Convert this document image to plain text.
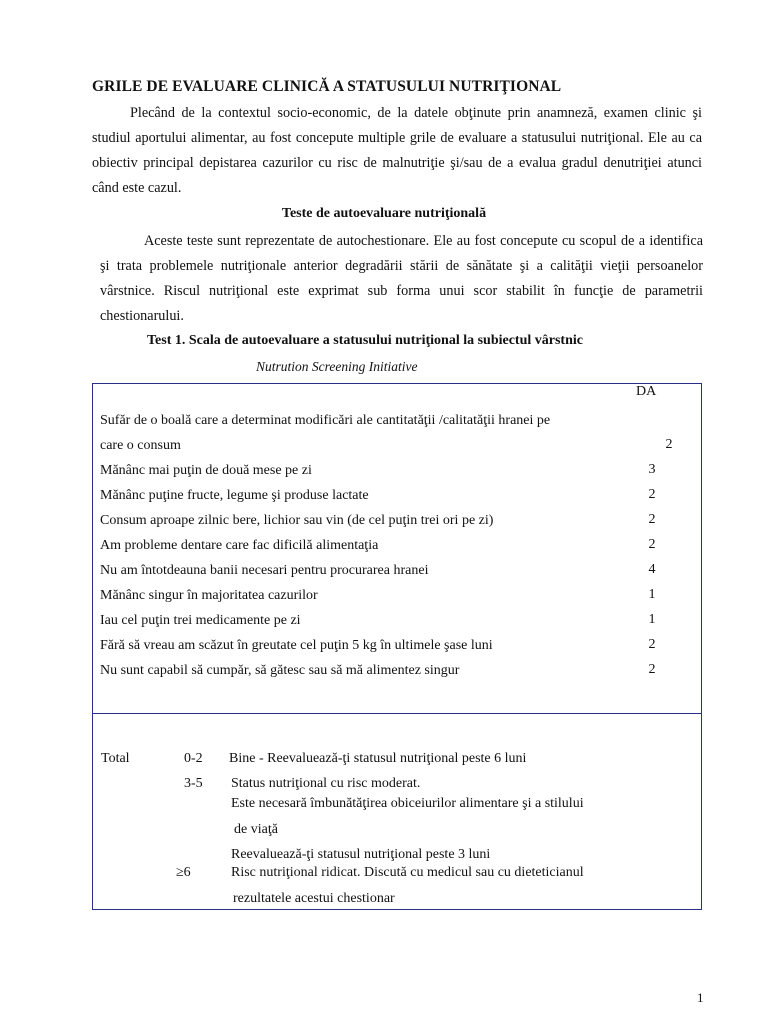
GRILE DE EVALUARE CLINICĂ A STATUSULUI NUTRIŢIONAL
Plecând de la contextul socio-economic, de la datele obţinute prin anamneză, examen clinic şi studiul aportului alimentar, au fost concepute multiple grile de evaluare a statusului nutriţional. Ele au ca obiectiv principal depistarea cazurilor cu risc de malnutriţie şi/sau de a evalua gradul denutriţiei atunci când este cazul.
Teste de autoevaluare nutriţională
Aceste teste sunt reprezentate de autochestionare. Ele au fost concepute cu scopul de a identifica şi trata problemele nutriţionale anterior degradării stării de sănătate şi a calităţii vieţii persoanelor vârstnice. Riscul nutriţional este exprimat sub forma unui scor stabilit în funcţie de parametrii chestionarului.
Test 1. Scala de autoevaluare a statusului nutriţional la subiectul vârstnic
Nutrution Screening Initiative
DA
Sufăr de o boală care a determinat modificări ale cantitatăţii /calitatăţii hranei pe
care o consum	2
Mănânc mai puţin de două mese pe zi	3
Mănânc puţine fructe, legume şi produse lactate	2
Consum aproape zilnic bere, lichior sau vin (de cel puţin trei ori pe zi)	2
Am probleme dentare care fac dificilă alimentaţia	2
Nu am întotdeauna banii necesari pentru procurarea hranei	4
Mănânc singur în majoritatea cazurilor	1
Iau cel puţin trei medicamente pe zi	1
Fără să vreau am scăzut în greutate cel puţin 5 kg în ultimele şase luni	2
Nu sunt capabil să cumpăr, să gătesc sau să mă alimentez singur	2
Total	0-2 Bine - Reevaluează-ţi statusul nutriţional peste 6 luni
3-5 Status nutriţional cu risc moderat.
Este necesară îmbunătăţirea obiceiurilor alimentare şi a stilului
de viaţă
Reevaluează-ţi statusul nutriţional peste 3 luni
≥6	Risc nutriţional ridicat. Discută cu medicul sau cu dieteticianul
rezultatele acestui chestionar
1
